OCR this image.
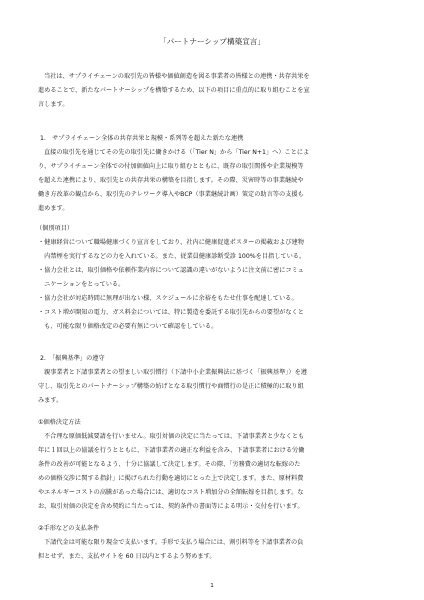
「パートナーシップ構築宣言」
当社は、サプライチェーンの取引先の皆様や価値創造を図る事業者の皆様との連携・共存共栄を
進めることで、新たなパートナーシップを構築するため、以下の項目に重点的に取り組むことを宣
言します。
1.　サプライチェーン全体の共存共栄と規模・系列等を超えた新たな連携
直接の取引先を通じてその先の取引先に働きかける（「Tier N」から「Tier N+1」へ）ことによ
り、サプライチェーン全体での付加価値向上に取り組むとともに、既存の取引関係や企業規模等
を超えた連携により、取引先との共存共栄の構築を目指します。その際、災害時等の事業継続や
働き方改革の観点から、取引先のテレワーク導入やBCP（事業継続計画）策定の助言等の支援も
進めます。
（個別項目）
・健康経営について職場健康づくり宣言をしており、社内に健康促進ポスターの掲載および建物
　内禁煙を実行するなどの力を入れている。また、従業員健康診断受診 100%を目指している。
・協力会社とは、取引価格や依頼作業内容について認識の違いがないように注文前に密にコミュ
　ニケーションをとっている。
・協力会社が対応時間に無理が出ない様、スケジュールに余裕をもたせ仕事を配達している。
・コスト増が開知の電力、ガス料金については、特に製造を委託する取引先からの要望がなくと
　も、可能な限り価格改定の必要有無について確認をしている。
2.　「振興基準」の遵守
親事業者と下請事業者との望ましい取引慣行（下請中小企業振興法に基づく「振興基準」）を遵
守し、取引先とのパートナーシップ構築の妨げとなる取引慣行や商慣行の是正に積極的に取り組
みます。
①価格決定方法
不合理な原価低減要請を行いません。取引対価の決定に当たっては、下請事業者と少なくとも
年に１回以上の協議を行うとともに、下請事業者の適正な利益を含み、下請事業者における労働
条件の改善が可能となるよう、十分に協議して決定します。その際、「労務費の適切な転嫁のた
めの価格交渉に関する指針」に掲げられた行動を適切にとった上で決定します。また、原材料費
やエネルギーコストの高騰があった場合には、適切なコスト増加分の全額転嫁を目指します。な
お、取引対価の決定を含め契約に当たっては、契約条件の書面等による明示・交付を行います。
②手形などの支払条件
下請代金は可能な限り現金で支払います。手形で支払う場合には、割引料等を下請事業者の負
担とせず、また、支払サイトを 60 日以内とするよう努めます。
1
